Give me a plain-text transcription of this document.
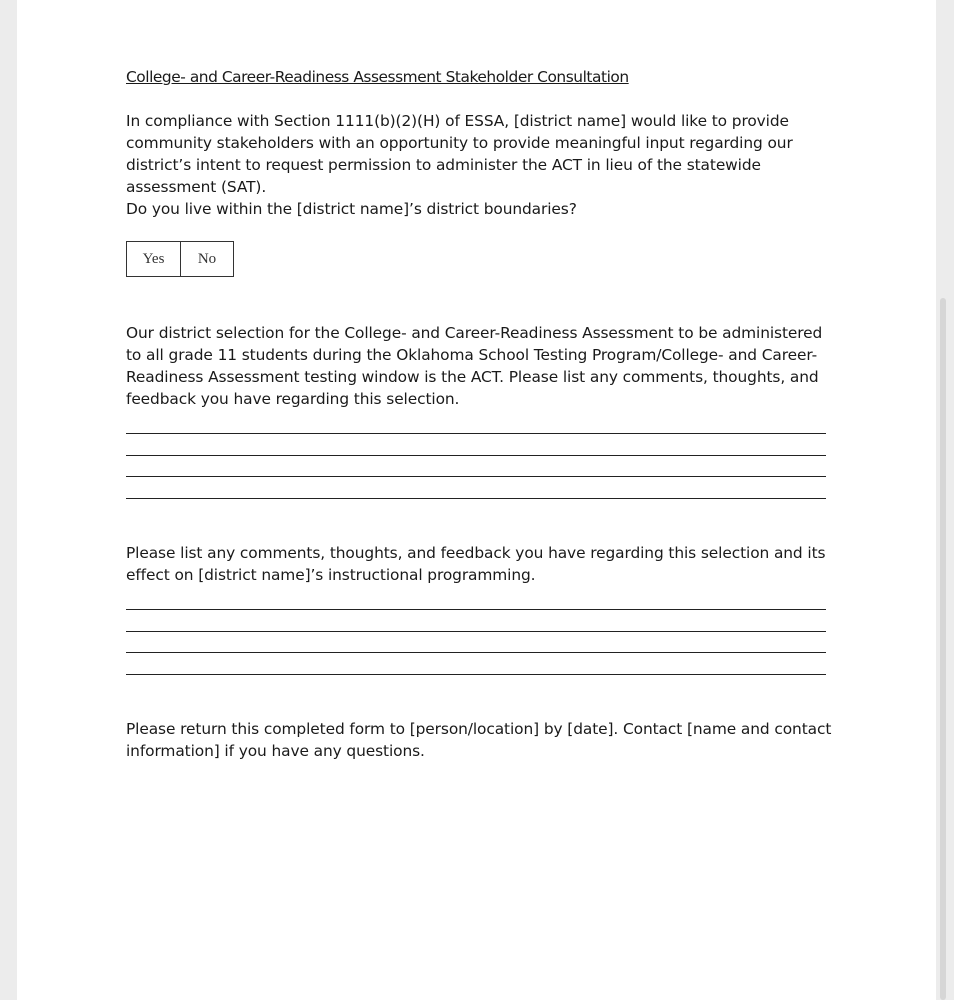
College- and Career-Readiness Assessment Stakeholder Consultation

In compliance with Section 1111(b)(2)(H) of ESSA, [district name] would like to provide community stakeholders with an opportunity to provide meaningful input regarding our district’s intent to request permission to administer the ACT in lieu of the statewide assessment (SAT).

Do you live within the [district name]’s district boundaries?

Yes	No

Our district selection for the College- and Career-Readiness Assessment to be administered to all grade 11 students during the Oklahoma School Testing Program/College- and Career-Readiness Assessment testing window is the ACT. Please list any comments, thoughts, and feedback you have regarding this selection.

Please list any comments, thoughts, and feedback you have regarding this selection and its effect on [district name]’s instructional programming.

Please return this completed form to [person/location] by [date]. Contact [name and contact information] if you have any questions.
